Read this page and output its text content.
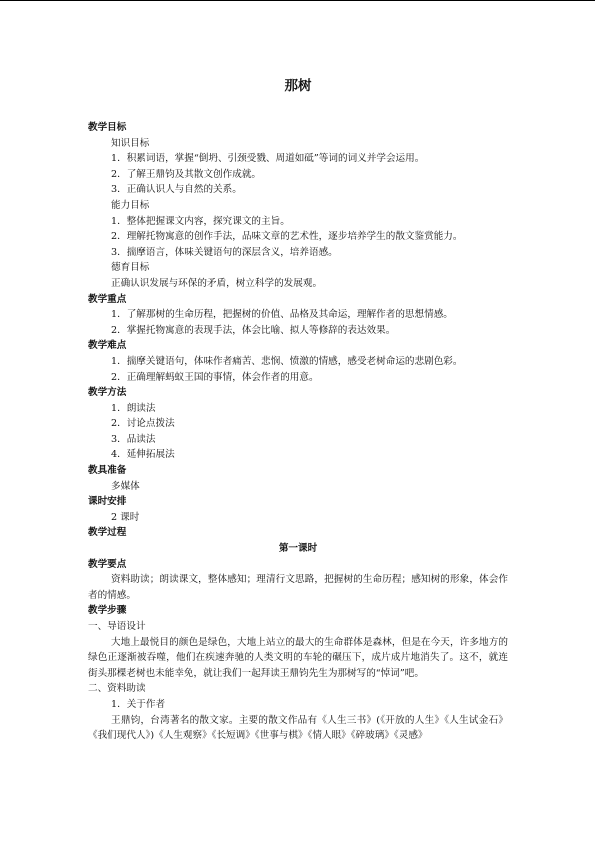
那树
教学目标
知识目标
1．积累词语，掌握“倒坍、引颈受戮、周道如砥”等词的词义并学会运用。
2．了解王鼎钧及其散文创作成就。
3．正确认识人与自然的关系。
能力目标
1．整体把握课文内容，探究课文的主旨。
2．理解托物寓意的创作手法，品味文章的艺术性，逐步培养学生的散文鉴赏能力。
3．揣摩语言，体味关键语句的深层含义，培养语感。
德育目标
正确认识发展与环保的矛盾，树立科学的发展观。
教学重点
1．了解那树的生命历程，把握树的价值、品格及其命运，理解作者的思想情感。
2．掌握托物寓意的表现手法，体会比喻、拟人等修辞的表达效果。
教学难点
1．揣摩关键语句，体味作者痛苦、悲悯、愤激的情感，感受老树命运的悲剧色彩。
2．正确理解蚂蚁王国的事情，体会作者的用意。
教学方法
1．朗读法
2．讨论点拨法
3．品读法
4．延伸拓展法
教具准备
多媒体
课时安排
2 课时
教学过程
第一课时
教学要点

资料助读；朗读课文，整体感知；理清行文思路，把握树的生命历程；感知树的形象，体会作者的情感。

教学步骤
一、导语设计

大地上最悦目的颜色是绿色，大地上站立的最大的生命群体是森林，但是在今天，许多地方的绿色正逐渐被吞噬，他们在疾速奔驰的人类文明的车轮的碾压下，成片成片地消失了。这不，就连街头那棵老树也未能幸免，就让我们一起拜读王鼎钧先生为那树写的“悼词”吧。

二、资料助读
1．关于作者

王鼎钧，台湾著名的散文家。主要的散文作品有《人生三书》(《开放的人生》《人生试金石》《我们现代人》)《人生观察》《长短调》《世事与棋》《情人眼》《碎玻璃》《灵感》
